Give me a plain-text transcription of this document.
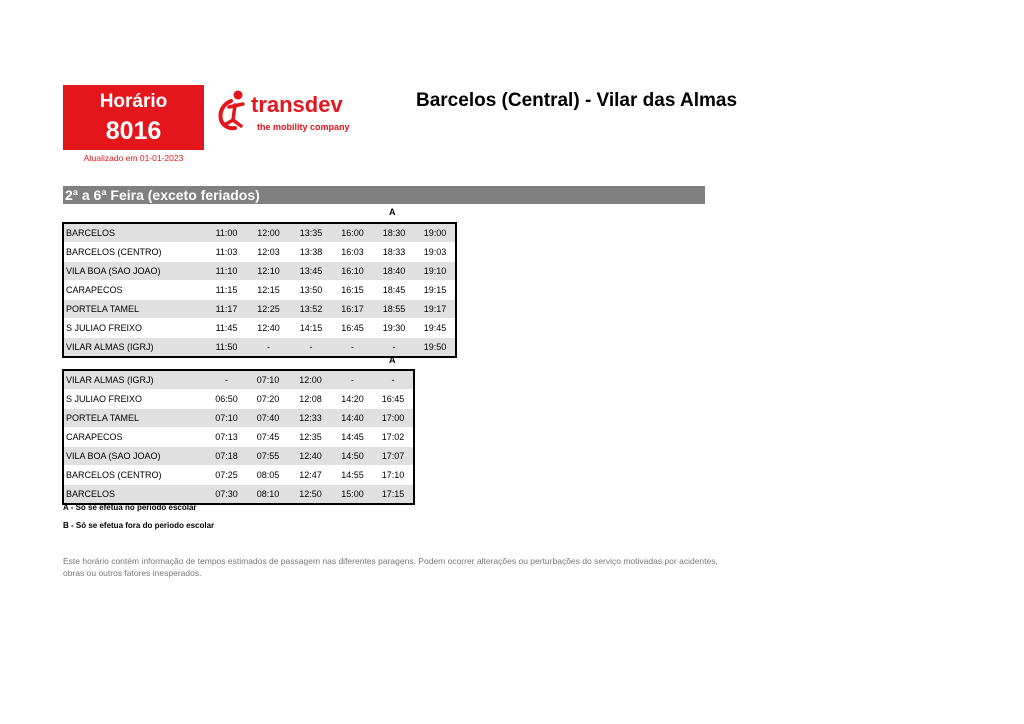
Horário
8016
Atualizado em 01-01-2023
transdev
the mobility company
Barcelos (Central) - Vilar das Almas
2ª a 6ª Feira (exceto feriados)
A
BARCELOS	11:00	12:00	13:35	16:00	18:30	19:00
BARCELOS (CENTRO)	11:03	12:03	13:38	16:03	18:33	19:03
VILA BOA (SAO JOAO)	11:10	12:10	13:45	16:10	18:40	19:10
CARAPECOS	11:15	12:15	13:50	16:15	18:45	19:15
PORTELA TAMEL	11:17	12:25	13:52	16:17	18:55	19:17
S JULIAO FREIXO	11:45	12:40	14:15	16:45	19:30	19:45
VILAR ALMAS (IGRJ)	11:50	-	-	-	-	19:50
A
VILAR ALMAS (IGRJ)	-	07:10	12:00	-	-
S JULIAO FREIXO	06:50	07:20	12:08	14:20	16:45
PORTELA TAMEL	07:10	07:40	12:33	14:40	17:00
CARAPECOS	07:13	07:45	12:35	14:45	17:02
VILA BOA (SAO JOAO)	07:18	07:55	12:40	14:50	17:07
BARCELOS (CENTRO)	07:25	08:05	12:47	14:55	17:10
BARCELOS	07:30	08:10	12:50	15:00	17:15
A - Só se efetua no periodo escolar
B - Só se efetua fora do periodo escolar
Este horário contém informação de tempos estimados de passagem nas diferentes paragens. Podem ocorrer alterações ou perturbações do serviço motivadas por acidentes, obras ou outros fatores inesperados.
